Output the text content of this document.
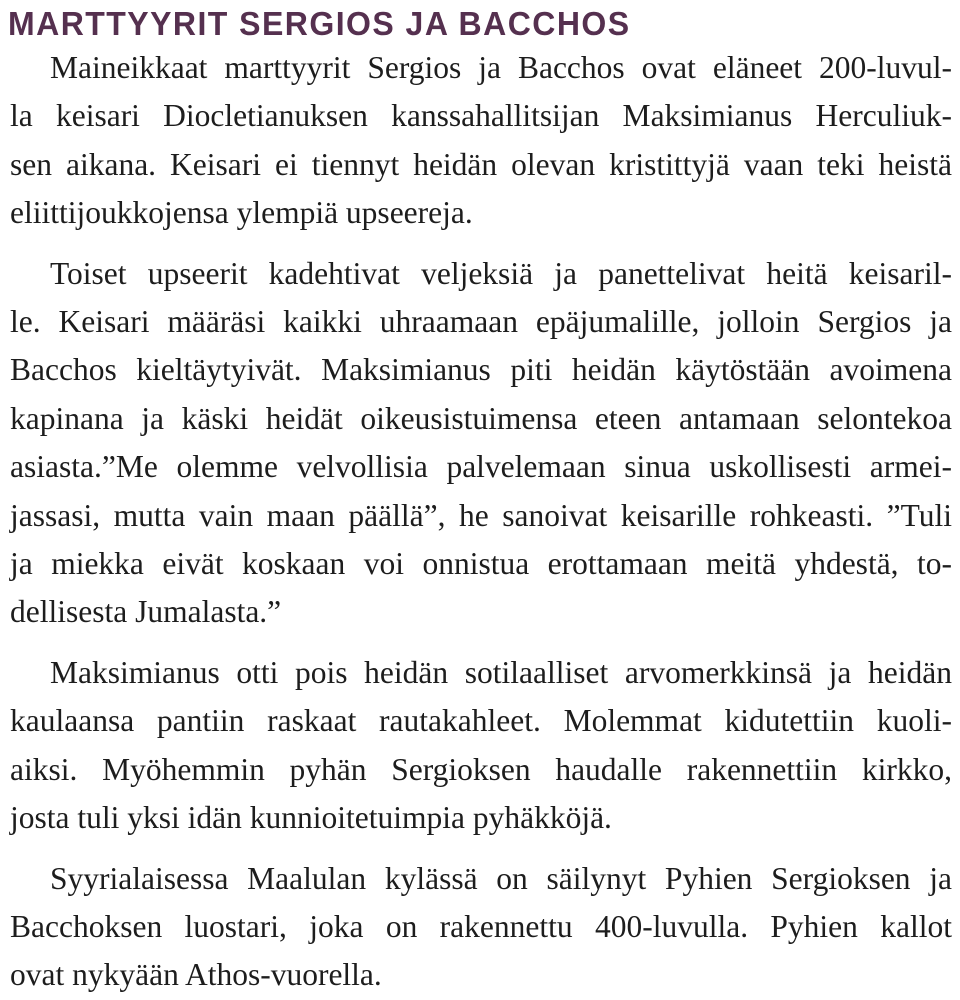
MARTTYYRIT SERGIOS JA BACCHOS

Maineikkaat marttyyrit Sergios ja Bacchos ovat eläneet 200-luvul-
la keisari Diocletianuksen kanssahallitsijan Maksimianus Herculiuk-
sen aikana. Keisari ei tiennyt heidän olevan kristittyjä vaan teki heistä
eliittijoukkojensa ylempiä upseereja.

Toiset upseerit kadehtivat veljeksiä ja panettelivat heitä keisaril-
le. Keisari määräsi kaikki uhraamaan epäjumalille, jolloin Sergios ja
Bacchos kieltäytyivät. Maksimianus piti heidän käytöstään avoimena
kapinana ja käski heidät oikeusistuimensa eteen antamaan selontekoa
asiasta.”Me olemme velvollisia palvelemaan sinua uskollisesti armei-
jassasi, mutta vain maan päällä”, he sanoivat keisarille rohkeasti. ”Tuli
ja miekka eivät koskaan voi onnistua erottamaan meitä yhdestä, to-
dellisesta Jumalasta.”

Maksimianus otti pois heidän sotilaalliset arvomerkkinsä ja heidän
kaulaansa pantiin raskaat rautakahleet. Molemmat kidutettiin kuoli-
aiksi. Myöhemmin pyhän Sergioksen haudalle rakennettiin kirkko,
josta tuli yksi idän kunnioitetuimpia pyhäkköjä.

Syyrialaisessa Maalulan kylässä on säilynyt Pyhien Sergioksen ja
Bacchoksen luostari, joka on rakennettu 400-luvulla. Pyhien kallot
ovat nykyään Athos-vuorella.
